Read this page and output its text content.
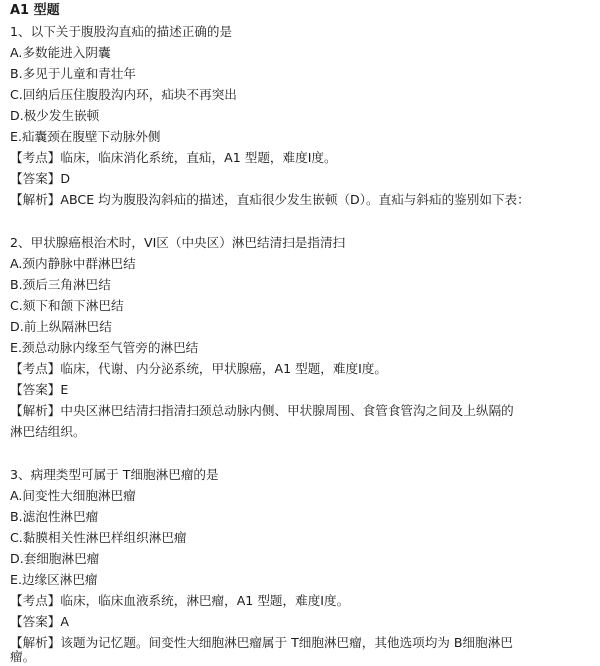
A1 型题
1、以下关于腹股沟直疝的描述正确的是
A.多数能进入阴囊
B.多见于儿童和青壮年
C.回纳后压住腹股沟内环，疝块不再突出
D.极少发生嵌顿
E.疝囊颈在腹壁下动脉外侧
【考点】临床，临床消化系统，直疝，A1 型题，难度Ⅰ度。
【答案】D
【解析】ABCE 均为腹股沟斜疝的描述，直疝很少发生嵌顿（D）。直疝与斜疝的鉴别如下表：
2、甲状腺癌根治术时，VI区（中央区）淋巴结清扫是指清扫
A.颈内静脉中群淋巴结
B.颈后三角淋巴结
C.颏下和颌下淋巴结
D.前上纵隔淋巴结
E.颈总动脉内缘至气管旁的淋巴结
【考点】临床，代谢、内分泌系统，甲状腺癌，A1 型题，难度Ⅰ度。
【答案】E
【解析】中央区淋巴结清扫指清扫颈总动脉内侧、甲状腺周围、食管食管沟之间及上纵隔的
淋巴结组织。
3、病理类型可属于 T细胞淋巴瘤的是
A.间变性大细胞淋巴瘤
B.滤泡性淋巴瘤
C.黏膜相关性淋巴样组织淋巴瘤
D.套细胞淋巴瘤
E.边缘区淋巴瘤
【考点】临床，临床血液系统，淋巴瘤，A1 型题，难度Ⅰ度。
【答案】A
【解析】该题为记忆题。间变性大细胞淋巴瘤属于 T细胞淋巴瘤，其他选项均为 B细胞淋巴
瘤。
